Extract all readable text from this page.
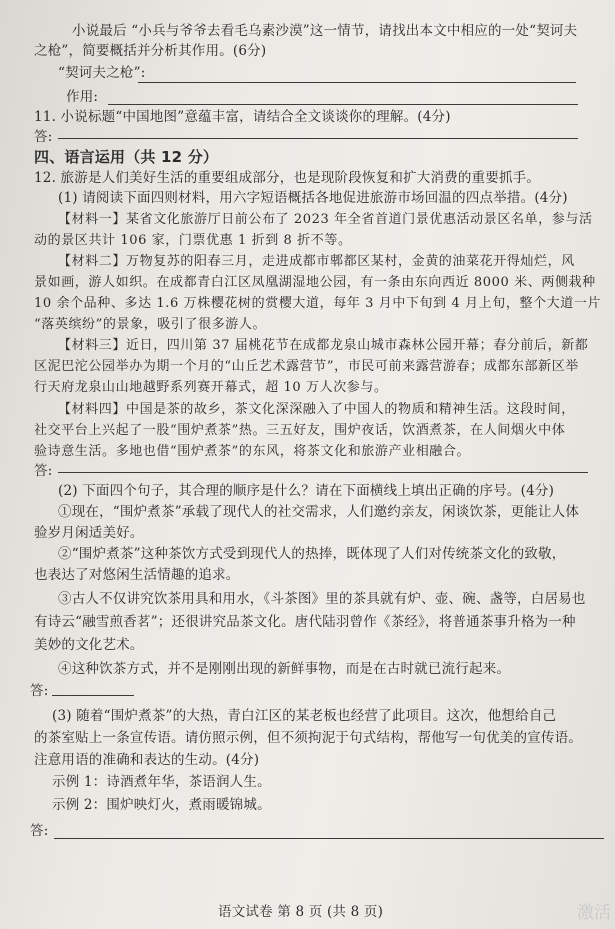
小说最后 “小兵与爷爷去看毛乌素沙漠”这一情节，请找出本文中相应的一处“契诃夫
之枪”，简要概括并分析其作用。(6分)
“契诃夫之枪”:
作用:
11. 小说标题“中国地图”意蕴丰富，请结合全文谈谈你的理解。(4分)
答:
四、语言运用（共 12 分）
12. 旅游是人们美好生活的重要组成部分，也是现阶段恢复和扩大消费的重要抓手。
(1) 请阅读下面四则材料，用六字短语概括各地促进旅游市场回温的四点举措。(4分)
【材料一】某省文化旅游厅日前公布了 2023 年全省首道门景优惠活动景区名单，参与活
动的景区共计 106 家，门票优惠 1 折到 8 折不等。
【材料二】万物复苏的阳春三月，走进成都市郫都区某村，金黄的油菜花开得灿烂，风
景如画，游人如织。在成都青白江区凤凰湖湿地公园，有一条由东向西近 8000 米、两侧栽种
10 余个品种、多达 1.6 万株樱花树的赏樱大道，每年 3 月中下旬到 4 月上旬，整个大道一片
“落英缤纷”的景象，吸引了很多游人。
【材料三】近日，四川第 37 届桃花节在成都龙泉山城市森林公园开幕；春分前后，新都
区泥巴沱公园举办为期一个月的“山丘艺术露营节”，市民可前来露营游春；成都东部新区举
行天府龙泉山山地越野系列赛开幕式，超 10 万人次参与。
【材料四】中国是茶的故乡，茶文化深深融入了中国人的物质和精神生活。这段时间，
社交平台上兴起了一股“围炉煮茶”热。三五好友，围炉夜话，饮酒煮茶，在人间烟火中体
验诗意生活。多地也借“围炉煮茶”的东风，将茶文化和旅游产业相融合。
答:
(2) 下面四个句子，其合理的顺序是什么？请在下面横线上填出正确的序号。(4分)
①现在，“围炉煮茶”承载了现代人的社交需求，人们邀约亲友，闲谈饮茶，更能让人体
验岁月闲适美好。
②“围炉煮茶”这种茶饮方式受到现代人的热捧，既体现了人们对传统茶文化的致敬，
也表达了对悠闲生活情趣的追求。
③古人不仅讲究饮茶用具和用水，《斗茶图》里的茶具就有炉、壶、碗、盏等，白居易也
有诗云“融雪煎香茗”；还很讲究品茶文化。唐代陆羽曾作《茶经》，将普通茶事升格为一种
美妙的文化艺术。
④这种饮茶方式，并不是刚刚出现的新鲜事物，而是在古时就已流行起来。
答:
(3) 随着“围炉煮茶”的大热，青白江区的某老板也经营了此项目。这次，他想给自己
的茶室贴上一条宣传语。请仿照示例，但不须拘泥于句式结构，帮他写一句优美的宣传语。
注意用语的准确和表达的生动。(4分)
示例 1：诗酒煮年华，茶语润人生。
示例 2：围炉映灯火，煮雨暖锦城。
答:
语文试卷 第 8 页 (共 8 页)	激活
